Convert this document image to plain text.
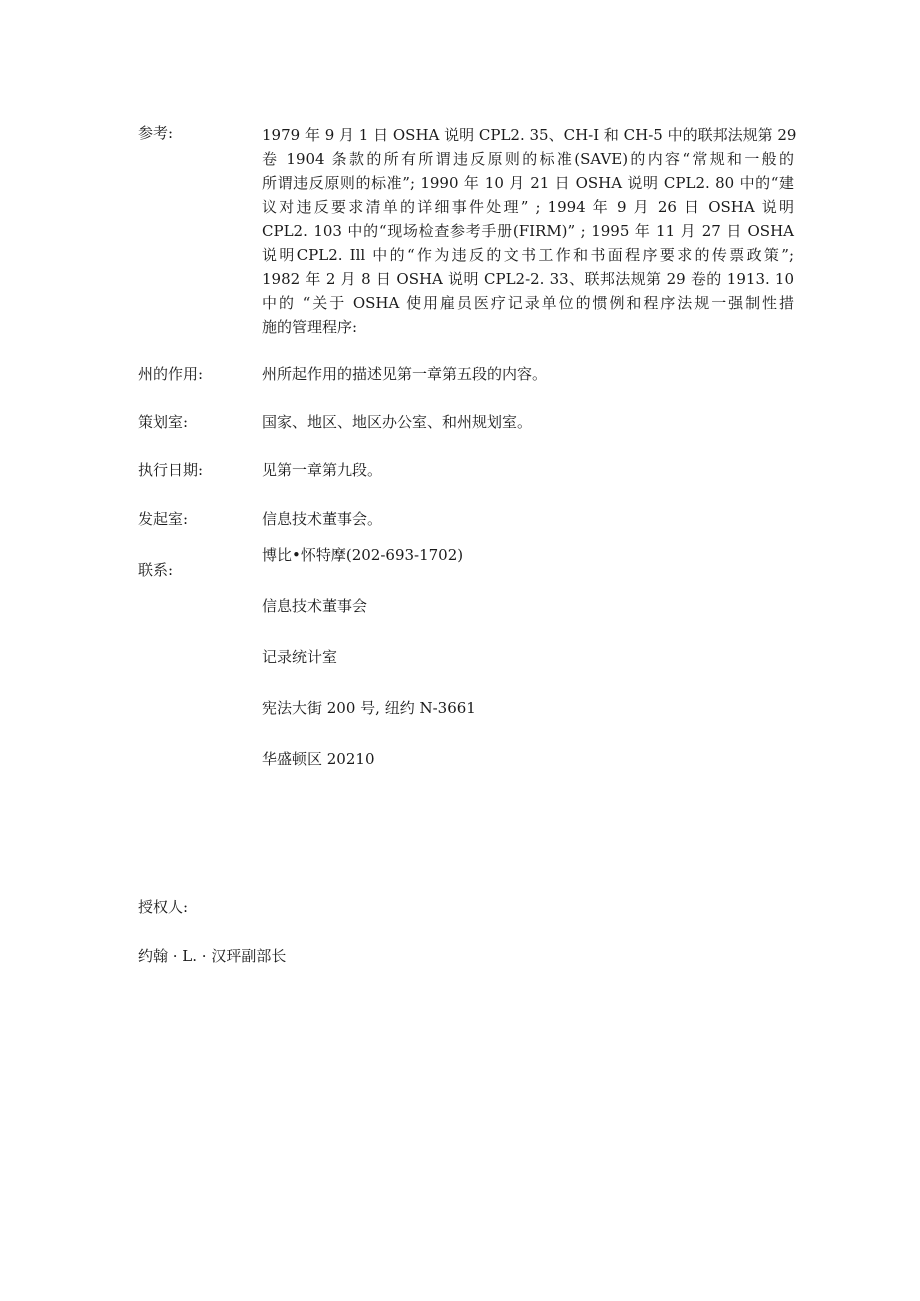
参考:	1979 年 9 月 1 日 OSHA 说明 CPL2. 35、CH-I 和 CH-5 中的联邦法规第 29
卷 1904 条款的所有所谓违反原则的标准(SAVE)的内容“常规和一般的
所谓违反原则的标准”; 1990 年 10 月 21 日 OSHA 说明 CPL2. 80 中的“建
议对违反要求清单的详细事件处理” ; 1994 年 9 月 26 日 OSHA 说明
CPL2. 103 中的“现场检查参考手册(FIRM)” ; 1995 年 11 月 27 日 OSHA
说明CPL2. Ill 中的“作为违反的文书工作和书面程序要求的传票政策”;
1982 年 2 月 8 日 OSHA 说明 CPL2-2. 33、联邦法规第 29 卷的 1913. 10
中的 “关于 OSHA 使用雇员医疗记录单位的惯例和程序法规一强制性措
施的管理程序:
州的作用:	州所起作用的描述见第一章第五段的内容。
策划室:	国家、地区、地区办公室、和州规划室。
执行日期:	见第一章第九段。
发起室:	信息技术董事会。
联系:
博比•怀特摩(202-693-1702)
信息技术董事会
记录统计室
宪法大街 200 号, 纽约 N-3661
华盛顿区 20210
授权人:
约翰 · L. · 汉玶副部长
